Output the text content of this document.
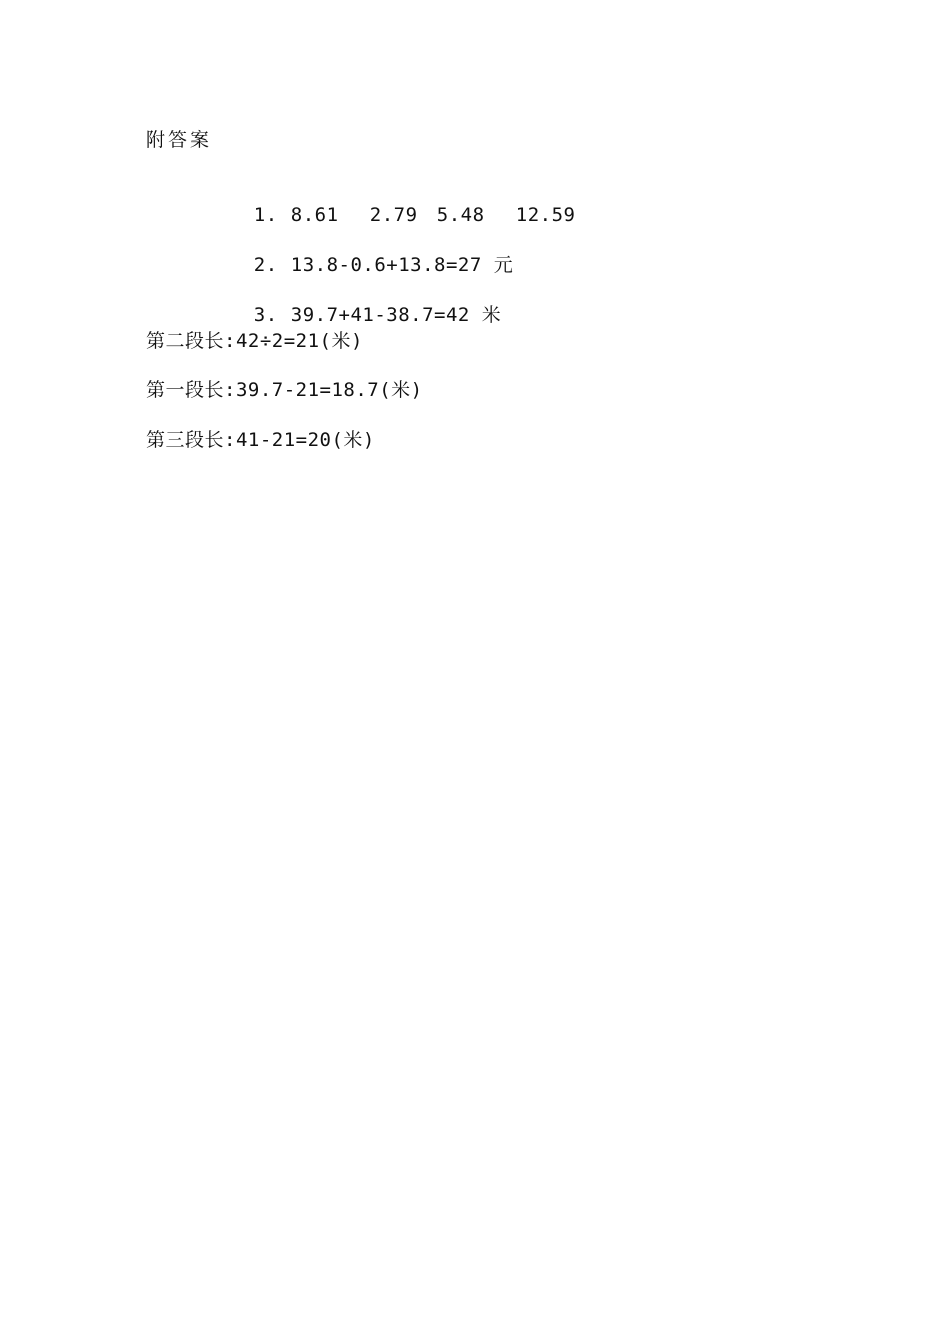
附答案

1. 8.61 2.79 5.48 12.59

2. 13.8-0.6+13.8=27 元

3. 39.7+41-38.7=42 米

第二段长:42÷2=21(米)
第一段长:39.7-21=18.7(米)
第三段长:41-21=20(米)
